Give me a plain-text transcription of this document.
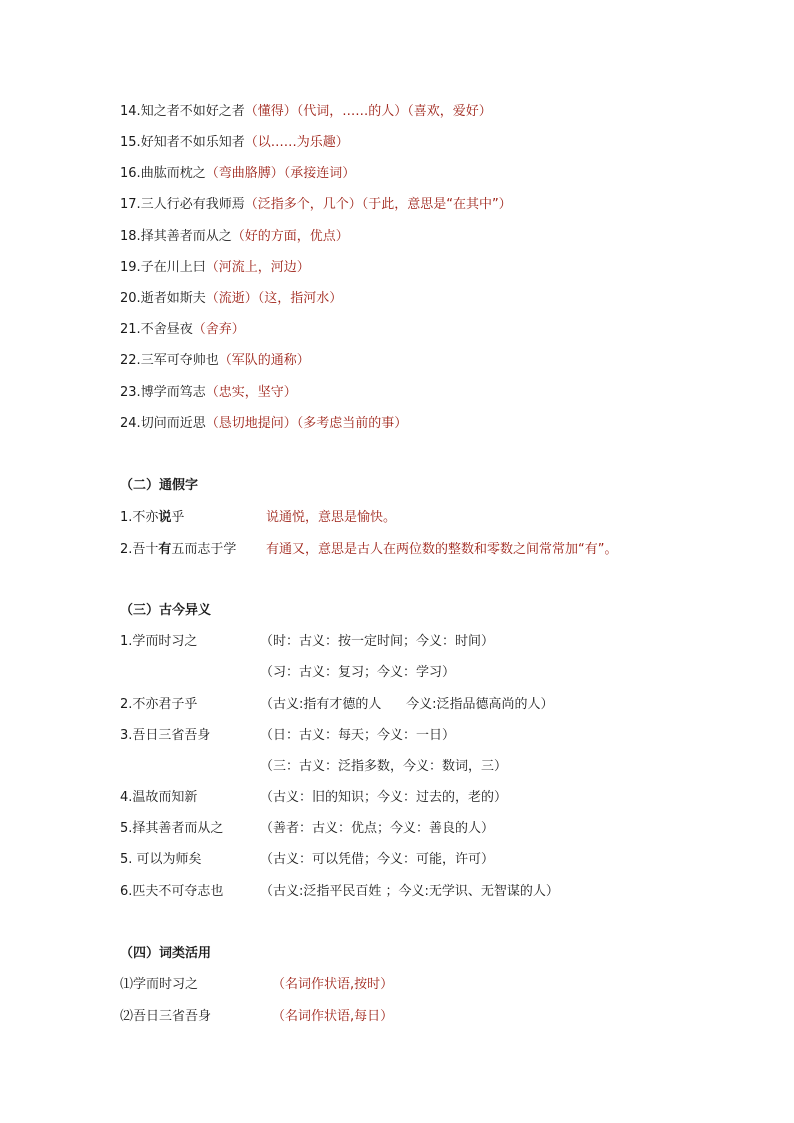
14.知之者不如好之者（懂得）（代词，……的人）（喜欢，爱好）
15.好知者不如乐知者（以……为乐趣）
16.曲肱而枕之（弯曲胳膊）（承接连词）
17.三人行必有我师焉（泛指多个，几个）（于此，意思是“在其中”）
18.择其善者而从之（好的方面，优点）
19.子在川上曰（河流上，河边）
20.逝者如斯夫（流逝）（这，指河水）
21.不舍昼夜（舍弃）
22.三军可夺帅也（军队的通称）
23.博学而笃志（忠实，坚守）
24.切问而近思（恳切地提问）（多考虑当前的事）
（二）通假字
1.不亦说乎	说通悦，意思是愉快。
2.吾十有五而志于学 有通又，意思是古人在两位数的整数和零数之间常常加“有”。
（三）古今异义
1.学而时习之	（时：古义：按一定时间；今义：时间）
（习：古义：复习；今义：学习）
2.不亦君子乎	（古义:指有才德的人      今义:泛指品德高尚的人）
3.吾日三省吾身	（日：古义：每天；今义：一日）
（三：古义：泛指多数，今义：数词，三）
4.温故而知新	（古义：旧的知识；今义：过去的，老的）
5.择其善者而从之	（善者：古义：优点；今义：善良的人）
5. 可以为师矣	（古义：可以凭借；今义：可能，许可）
6.匹夫不可夺志也	（古义:泛指平民百姓 ；今义:无学识、无智谋的人）
（四）词类活用
⑴学而时习之	（名词作状语,按时）
⑵吾日三省吾身	（名词作状语,每日）
